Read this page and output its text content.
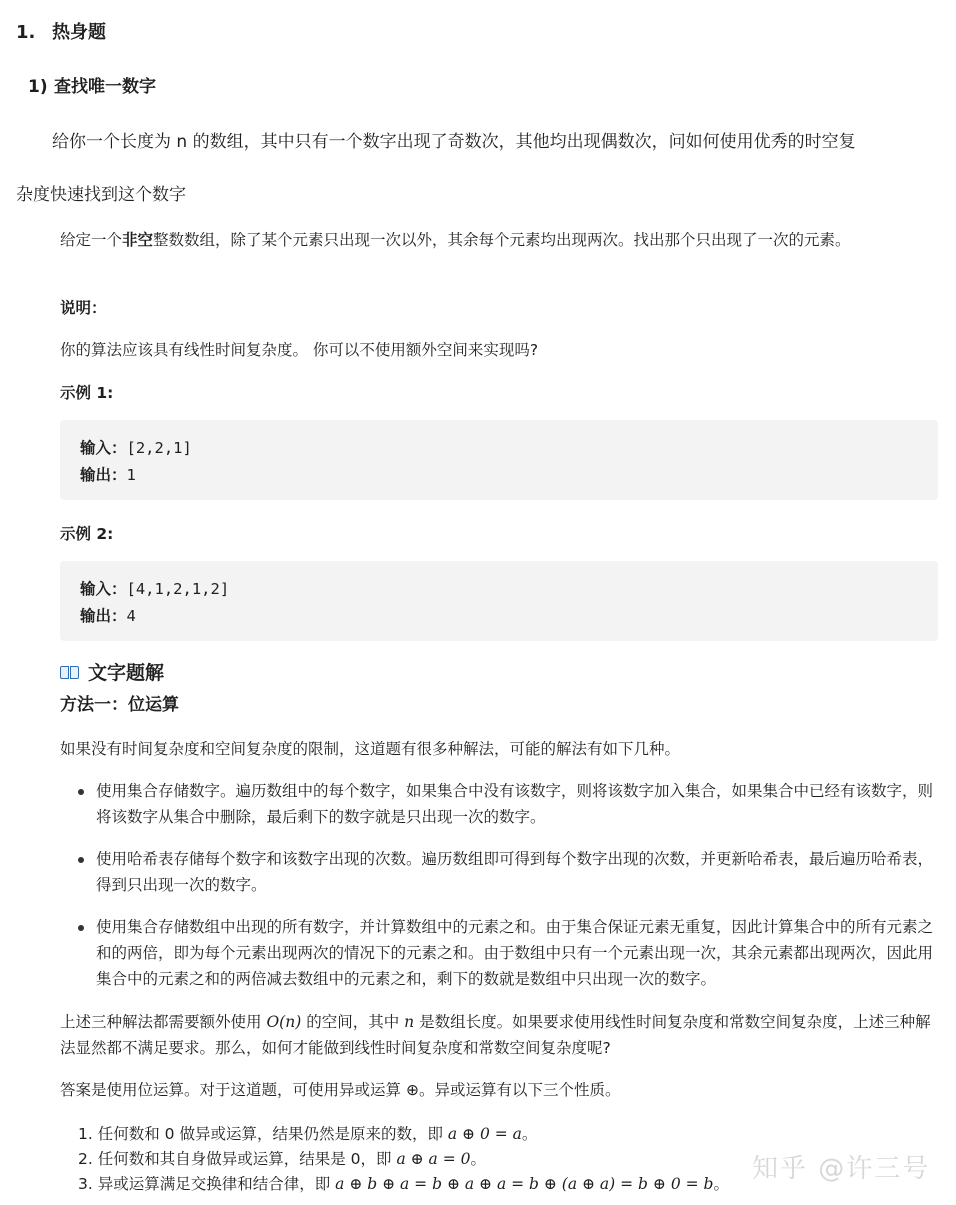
1. 热身题
1) 查找唯一数字
给你一个长度为 n 的数组，其中只有一个数字出现了奇数次，其他均出现偶数次，问如何使用优秀的时空复
杂度快速找到这个数字
给定一个非空整数数组，除了某个元素只出现一次以外，其余每个元素均出现两次。找出那个只出现了一次的元素。
说明：
你的算法应该具有线性时间复杂度。 你可以不使用额外空间来实现吗?
示例 1:
输入：[2,2,1]
输出：1
示例 2:
输入：[4,1,2,1,2]
输出：4
文字题解
方法一：位运算
如果没有时间复杂度和空间复杂度的限制，这道题有很多种解法，可能的解法有如下几种。
使用集合存储数字。遍历数组中的每个数字，如果集合中没有该数字，则将该数字加入集合，如果集合中已经有该数字，则将该数字从集合中删除，最后剩下的数字就是只出现一次的数字。
使用哈希表存储每个数字和该数字出现的次数。遍历数组即可得到每个数字出现的次数，并更新哈希表，最后遍历哈希表，得到只出现一次的数字。
使用集合存储数组中出现的所有数字，并计算数组中的元素之和。由于集合保证元素无重复，因此计算集合中的所有元素之和的两倍，即为每个元素出现两次的情况下的元素之和。由于数组中只有一个元素出现一次，其余元素都出现两次，因此用集合中的元素之和的两倍减去数组中的元素之和，剩下的数就是数组中只出现一次的数字。
上述三种解法都需要额外使用 O(n) 的空间，其中 n 是数组长度。如果要求使用线性时间复杂度和常数空间复杂度，上述三种解法显然都不满足要求。那么，如何才能做到线性时间复杂度和常数空间复杂度呢?
答案是使用位运算。对于这道题，可使用异或运算 ⊕。异或运算有以下三个性质。
1. 任何数和 0 做异或运算，结果仍然是原来的数，即 a ⊕ 0 = a。
2. 任何数和其自身做异或运算，结果是 0，即 a ⊕ a = 0。
3. 异或运算满足交换律和结合律，即 a ⊕ b ⊕ a = b ⊕ a ⊕ a = b ⊕ (a ⊕ a) = b ⊕ 0 = b。 知乎 @许三号
